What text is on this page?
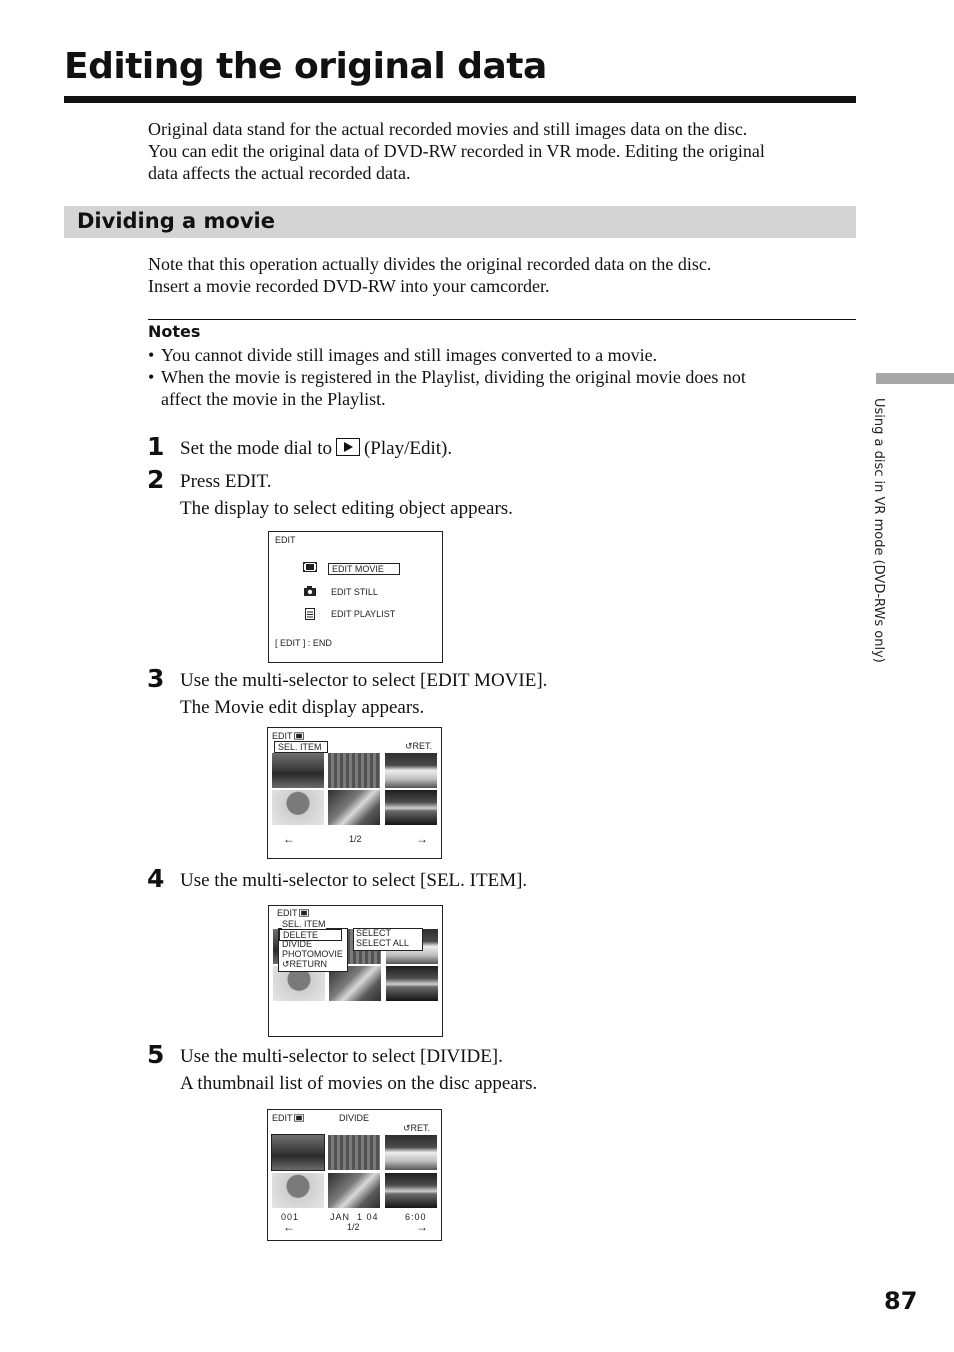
Editing the original data
Original data stand for the actual recorded movies and still images data on the disc.
You can edit the original data of DVD-RW recorded in VR mode. Editing the original
data affects the actual recorded data.
Dividing a movie
Note that this operation actually divides the original recorded data on the disc.
Insert a movie recorded DVD-RW into your camcorder.
Notes
• You cannot divide still images and still images converted to a movie.
• When the movie is registered in the Playlist, dividing the original movie does not
affect the movie in the Playlist.
1 Set the mode dial to (Play/Edit).
2 Press EDIT.
The display to select editing object appears.
EDIT
EDIT MOVIE
EDIT STILL
EDIT PLAYLIST
[ EDIT ] : END
3 Use the multi-selector to select [EDIT MOVIE].
The Movie edit display appears.
EDIT
SEL. ITEM	↺RET.
←	1/2	→
4 Use the multi-selector to select [SEL. ITEM].
EDIT
SEL. ITEM
DELETE
DIVIDE
PHOTOMOVIE
↺RETURN
SELECT
SELECT ALL
5 Use the multi-selector to select [DIVIDE].
A thumbnail list of movies on the disc appears.
EDIT	DIVIDE
↺RET.
001	JAN  1 04	6:00
←	1/2	→
Using a disc in VR mode (DVD-RWs only)
87
